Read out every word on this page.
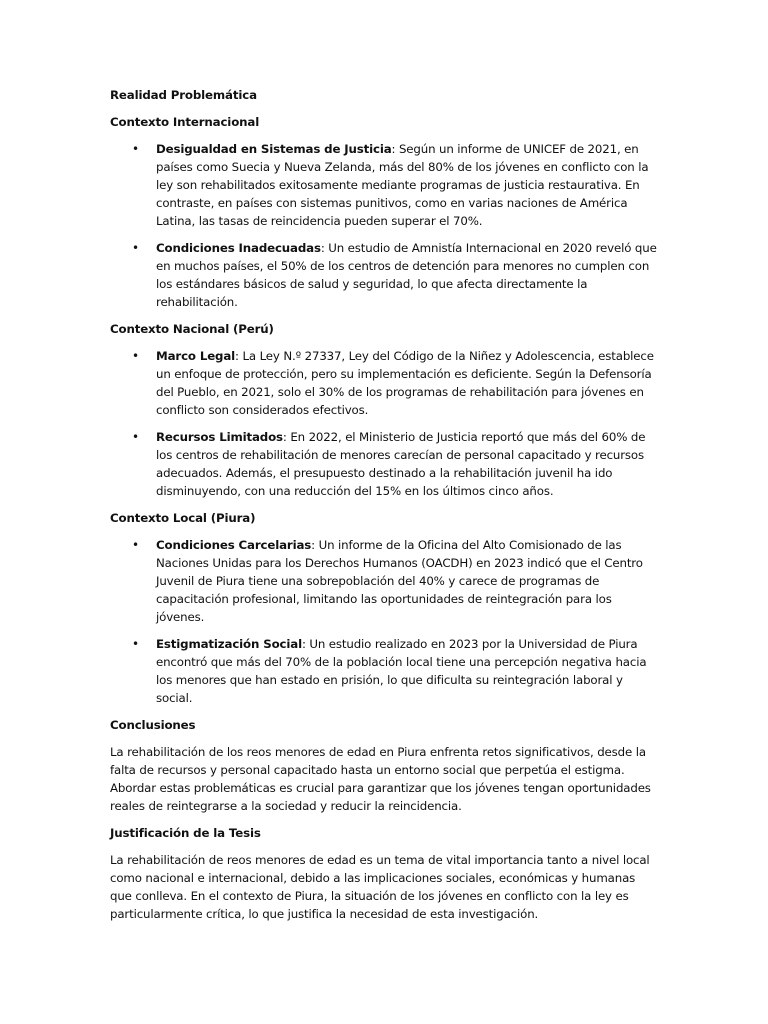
Realidad Problemática
Contexto Internacional
• Desigualdad en Sistemas de Justicia: Según un informe de UNICEF de 2021, en países como Suecia y Nueva Zelanda, más del 80% de los jóvenes en conflicto con la ley son rehabilitados exitosamente mediante programas de justicia restaurativa. En contraste, en países con sistemas punitivos, como en varias naciones de América Latina, las tasas de reincidencia pueden superar el 70%.
• Condiciones Inadecuadas: Un estudio de Amnistía Internacional en 2020 reveló que en muchos países, el 50% de los centros de detención para menores no cumplen con los estándares básicos de salud y seguridad, lo que afecta directamente la rehabilitación.
Contexto Nacional (Perú)
• Marco Legal: La Ley N.º 27337, Ley del Código de la Niñez y Adolescencia, establece un enfoque de protección, pero su implementación es deficiente. Según la Defensoría del Pueblo, en 2021, solo el 30% de los programas de rehabilitación para jóvenes en conflicto son considerados efectivos.
• Recursos Limitados: En 2022, el Ministerio de Justicia reportó que más del 60% de los centros de rehabilitación de menores carecían de personal capacitado y recursos adecuados. Además, el presupuesto destinado a la rehabilitación juvenil ha ido disminuyendo, con una reducción del 15% en los últimos cinco años.
Contexto Local (Piura)
• Condiciones Carcelarias: Un informe de la Oficina del Alto Comisionado de las Naciones Unidas para los Derechos Humanos (OACDH) en 2023 indicó que el Centro Juvenil de Piura tiene una sobrepoblación del 40% y carece de programas de capacitación profesional, limitando las oportunidades de reintegración para los jóvenes.
• Estigmatización Social: Un estudio realizado en 2023 por la Universidad de Piura encontró que más del 70% de la población local tiene una percepción negativa hacia los menores que han estado en prisión, lo que dificulta su reintegración laboral y social.
Conclusiones

La rehabilitación de los reos menores de edad en Piura enfrenta retos significativos, desde la falta de recursos y personal capacitado hasta un entorno social que perpetúa el estigma. Abordar estas problemáticas es crucial para garantizar que los jóvenes tengan oportunidades reales de reintegrarse a la sociedad y reducir la reincidencia.

Justificación de la Tesis

La rehabilitación de reos menores de edad es un tema de vital importancia tanto a nivel local como nacional e internacional, debido a las implicaciones sociales, económicas y humanas que conlleva. En el contexto de Piura, la situación de los jóvenes en conflicto con la ley es particularmente crítica, lo que justifica la necesidad de esta investigación.
